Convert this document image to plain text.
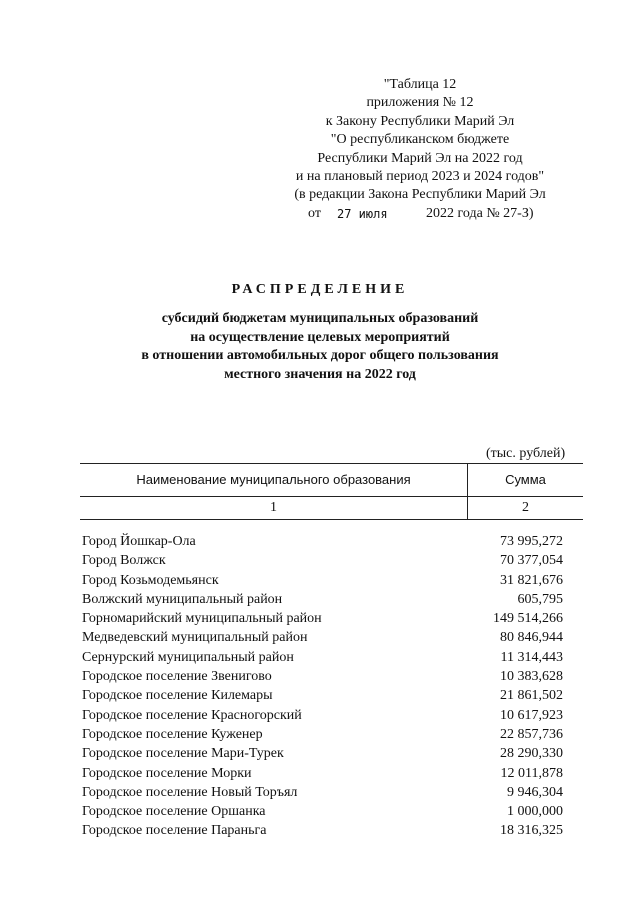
"Таблица 12
приложения № 12
к Закону Республики Марий Эл
"О республиканском бюджете
Республики Марий Эл на 2022 год
и на плановый период 2023 и 2024 годов"
(в редакции Закона Республики Марий Эл
от 27 июля	2022 года № 27-З)
РАСПРЕДЕЛЕНИЕ
субсидий бюджетам муниципальных образований
на осуществление целевых мероприятий
в отношении автомобильных дорог общего пользования
местного значения на 2022 год
(тыс. рублей)
Наименование муниципального образования	Сумма
1	2
Город Йошкар-Ола	73 995,272
Город Волжск	70 377,054
Город Козьмодемьянск	31 821,676
Волжский муниципальный район	605,795
Горномарийский муниципальный район	149 514,266
Медведевский муниципальный район	80 846,944
Сернурский муниципальный район	11 314,443
Городское поселение Звенигово	10 383,628
Городское поселение Килемары	21 861,502
Городское поселение Красногорский	10 617,923
Городское поселение Куженер	22 857,736
Городское поселение Мари-Турек	28 290,330
Городское поселение Морки	12 011,878
Городское поселение Новый Торъял	9 946,304
Городское поселение Оршанка	1 000,000
Городское поселение Параньга	18 316,325
